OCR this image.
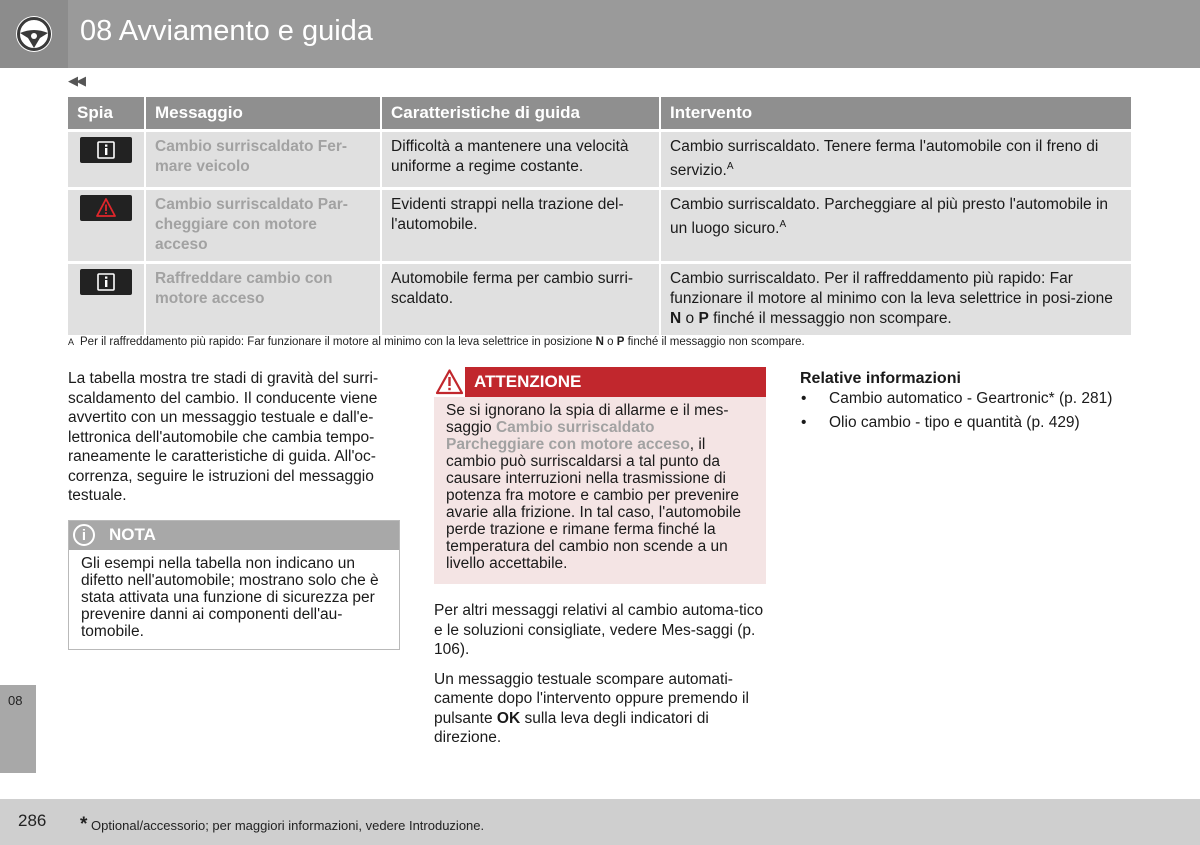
08 Avviamento e guida
◀◀
Spia	Messaggio	Caratteristiche di guida	Intervento

	Cambio surriscaldato Fer-mare veicolo	Difficoltà a mantenere una velocità uniforme a regime costante.	Cambio surriscaldato. Tenere ferma l'automobile con il freno di servizio.$^A$

	Cambio surriscaldato Par-cheggiare con motore acceso	Evidenti strappi nella trazione del-l'automobile.	Cambio surriscaldato. Parcheggiare al più presto l'automobile in un luogo sicuro.$^A$

	Raffreddare cambio con motore acceso	Automobile ferma per cambio surri-scaldato.	Cambio surriscaldato. Per il raffreddamento più rapido: Far funzionare il motore al minimo con la leva selettrice in posi-zione N o P finché il messaggio non scompare.
A Per il raffreddamento più rapido: Far funzionare il motore al minimo con la leva selettrice in posizione N o P finché il messaggio non scompare.

La tabella mostra tre stadi di gravità del surri-scaldamento del cambio. Il conducente viene avvertito con un messaggio testuale e dall'e-lettronica dell'automobile che cambia tempo-raneamente le caratteristiche di guida. All'oc-correnza, seguire le istruzioni del messaggio testuale.

i	NOTA
Gli esempi nella tabella non indicano un difetto nell'automobile; mostrano solo che è stata attivata una funzione di sicurezza per prevenire danni ai componenti dell'au-tomobile.
ATTENZIONE
Se si ignorano la spia di allarme e il mes-saggio Cambio surriscaldato Parcheggiare con motore acceso, il cambio può surriscaldarsi a tal punto da causare interruzioni nella trasmissione di potenza fra motore e cambio per prevenire avarie alla frizione. In tal caso, l'automobile perde trazione e rimane ferma finché la temperatura del cambio non scende a un livello accettabile.

Per altri messaggi relativi al cambio automa-tico e le soluzioni consigliate, vedere Mes-saggi (p. 106).

Un messaggio testuale scompare automati-camente dopo l'intervento oppure premendo il pulsante OK sulla leva degli indicatori di direzione.

Relative informazioni
• Cambio automatico - Geartronic* (p. 281)
• Olio cambio - tipo e quantità (p. 429)
08
286 * Optional/accessorio; per maggiori informazioni, vedere Introduzione.
